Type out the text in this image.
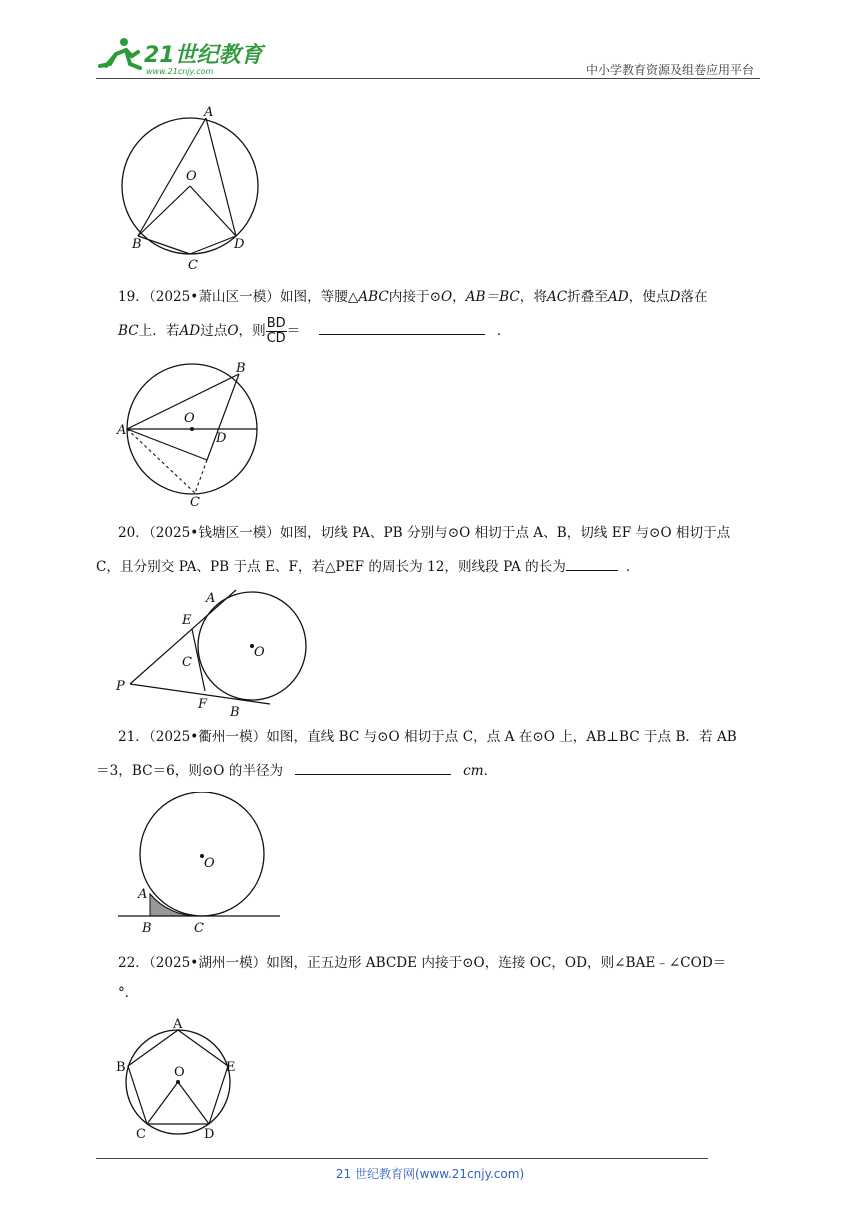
21世纪教育
www.21cnjy.com	中小学教育资源及组卷应用平台
A
O
B
C
D
19．（2025•萧山区一模）如图，等腰△ABC内接于⊙O，AB＝BC，将AC折叠至AD，使点D落在
BC上．若AD过点O，则 $\frac{BD}{CD}$ ＝	．
A
B
O
D
C
20．（2025•钱塘区一模）如图，切线 PA、PB 分别与⊙O 相切于点 A、B，切线 EF 与⊙O 相切于点
C，且分别交 PA、PB 于点 E、F，若△PEF 的周长为 12，则线段 PA 的长为	．
A
E
C
O
P
F
B
21．（2025•衢州一模）如图，直线 BC 与⊙O 相切于点 C，点 A 在⊙O 上，AB⊥BC 于点 B．若 AB
＝3，BC＝6，则⊙O 的半径为	cm．
O
A
B	C
22．（2025•湖州一模）如图，正五边形 ABCDE 内接于⊙O，连接 OC，OD，则∠BAE﹣∠COD＝
°．
A
B	E
O
C	D
21 世纪教育网(www.21cnjy.com)
